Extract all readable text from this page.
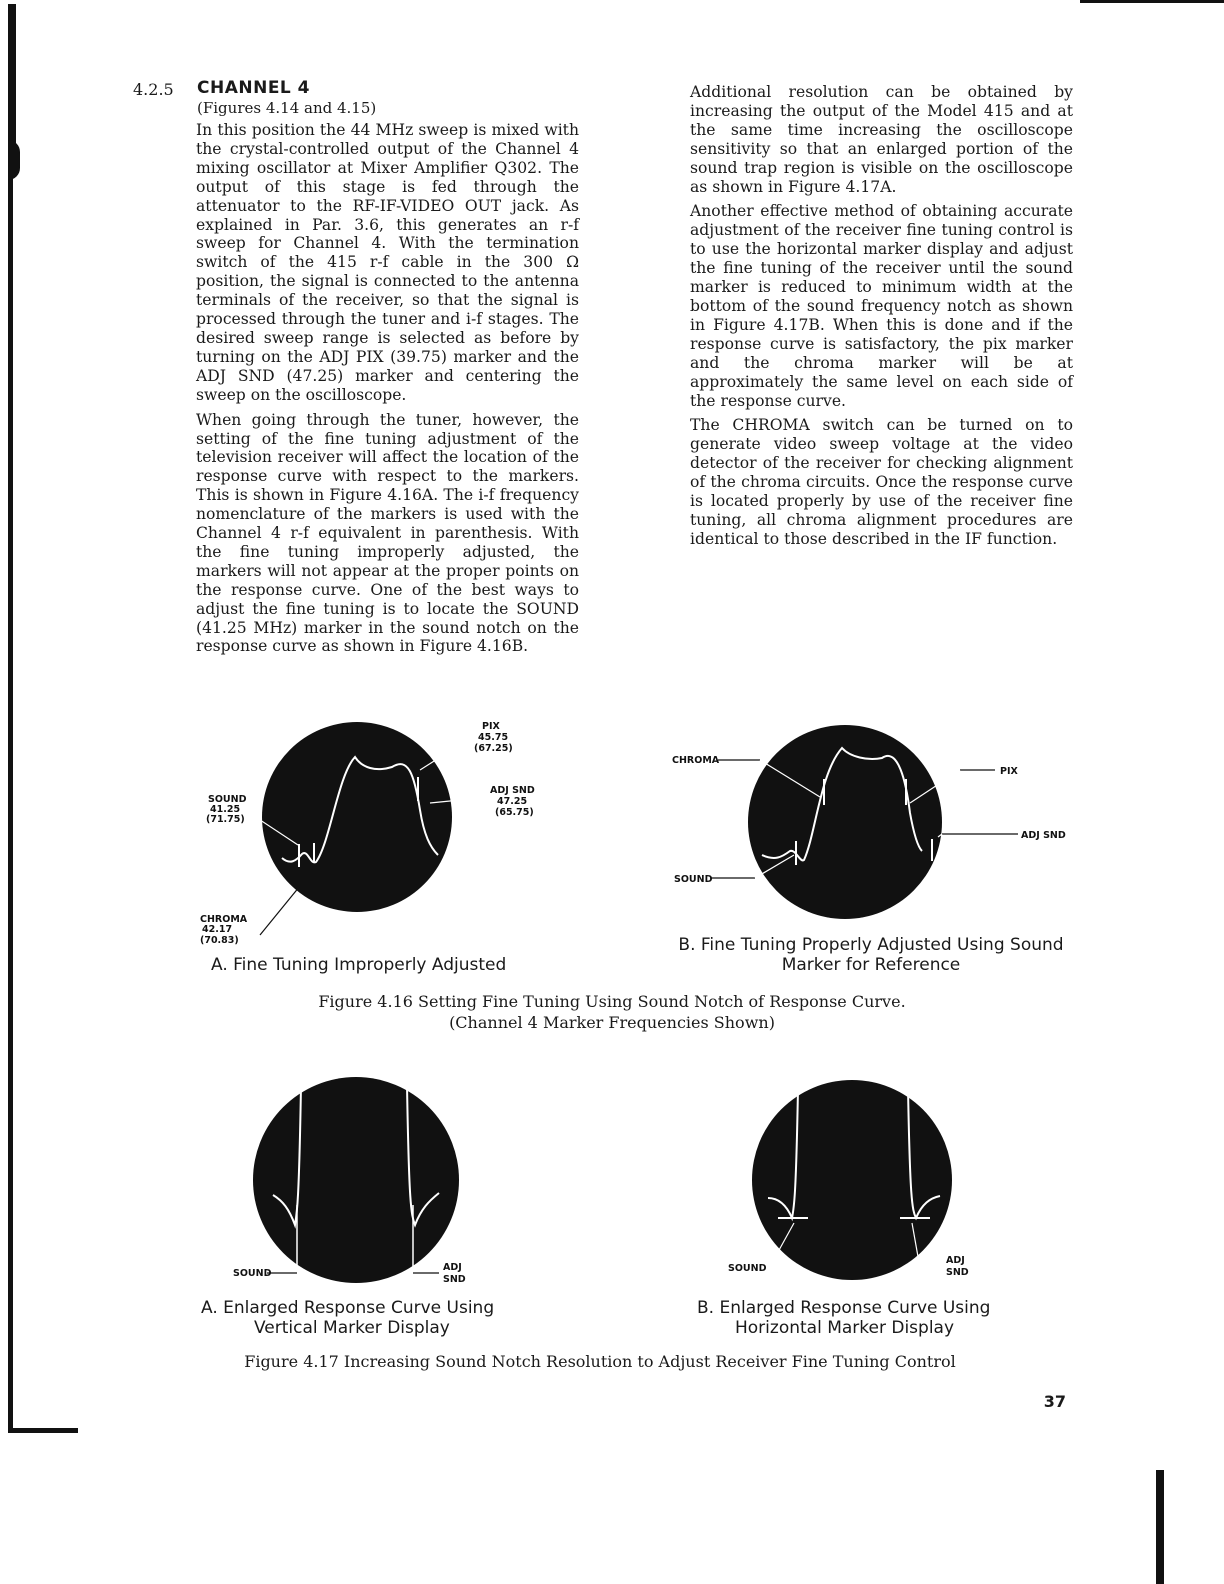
4.2.5 CHANNEL 4
(Figures 4.14 and 4.15)

In this position the 44 MHz sweep is mixed with the crystal-controlled output of the Channel 4 mixing oscillator at Mixer Amplifier Q302. The output of this stage is fed through the attenuator to the RF-IF-VIDEO OUT jack. As explained in Par. 3.6, this generates an r-f sweep for Channel 4. With the termination switch of the 415 r-f cable in the 300 Ω position, the signal is connected to the antenna terminals of the receiver, so that the signal is processed through the tuner and i-f stages. The desired sweep range is selected as before by turning on the ADJ PIX (39.75) marker and the ADJ SND (47.25) marker and centering the sweep on the oscilloscope.

When going through the tuner, however, the setting of the fine tuning adjustment of the television receiver will affect the location of the response curve with respect to the markers. This is shown in Figure 4.16A. The i-f frequency nomenclature of the markers is used with the Channel 4 r-f equivalent in parenthesis. With the fine tuning improperly adjusted, the markers will not appear at the proper points on the response curve. One of the best ways to adjust the fine tuning is to locate the SOUND (41.25 MHz) marker in the sound notch on the response curve as shown in Figure 4.16B.

Additional resolution can be obtained by increasing the output of the Model 415 and at the same time increasing the oscilloscope sensitivity so that an enlarged portion of the sound trap region is visible on the oscilloscope as shown in Figure 4.17A.

Another effective method of obtaining accurate adjustment of the receiver fine tuning control is to use the horizontal marker display and adjust the fine tuning of the receiver until the sound marker is reduced to minimum width at the bottom of the sound frequency notch as shown in Figure 4.17B. When this is done and if the response curve is satisfactory, the pix marker and the chroma marker will be at approximately the same level on each side of the response curve.

The CHROMA switch can be turned on to generate video sweep voltage at the video detector of the receiver for checking alignment of the chroma circuits. Once the response curve is located properly by use of the receiver fine tuning, all chroma alignment procedures are identical to those described in the IF function.

PIX
45.75
(67.25)
ADJ SND
47.25
(65.75)
SOUND
41.25
(71.75)
CHROMA
42.17
(70.83)
A. Fine Tuning Improperly Adjusted
CHROMA
PIX
ADJ SND
SOUND
B. Fine Tuning Properly Adjusted Using Sound
Marker for Reference
Figure 4.16 Setting Fine Tuning Using Sound Notch of Response Curve.
(Channel 4 Marker Frequencies Shown)
SOUND
ADJ
SND
A. Enlarged Response Curve Using
Vertical Marker Display
SOUND
ADJ
SND
B. Enlarged Response Curve Using
Horizontal Marker Display
Figure 4.17 Increasing Sound Notch Resolution to Adjust Receiver Fine Tuning Control
37
